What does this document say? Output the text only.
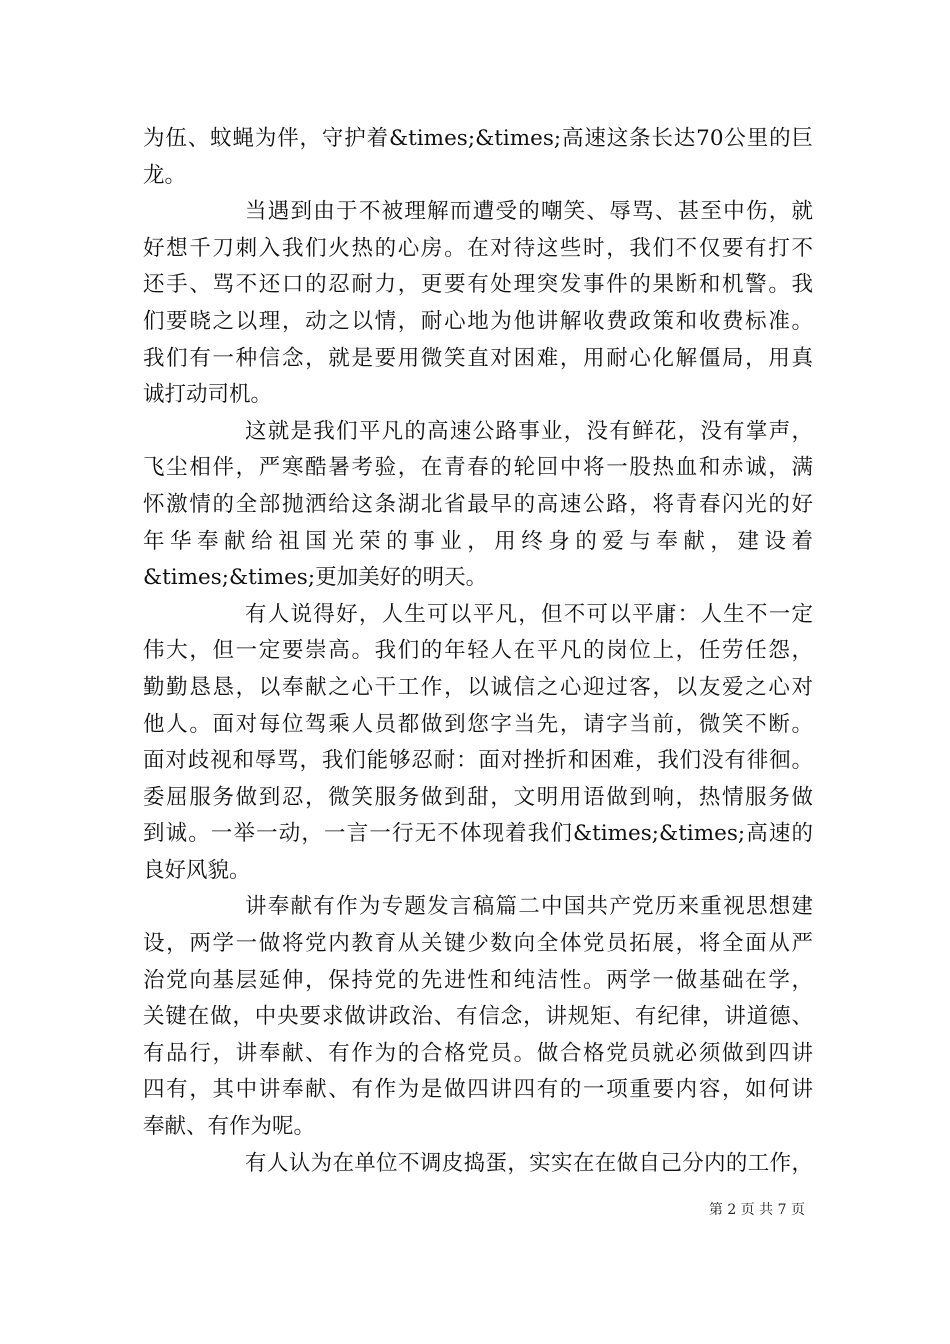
为伍、蚊蝇为伴，守护着&times;&times;高速这条长达70公里的巨
龙。
当遇到由于不被理解而遭受的嘲笑、辱骂、甚至中伤，就
好想千刀刺入我们火热的心房。在对待这些时，我们不仅要有打不
还手、骂不还口的忍耐力，更要有处理突发事件的果断和机警。我
们要晓之以理，动之以情，耐心地为他讲解收费政策和收费标准。
我们有一种信念，就是要用微笑直对困难，用耐心化解僵局，用真
诚打动司机。
这就是我们平凡的高速公路事业，没有鲜花，没有掌声，
飞尘相伴，严寒酷暑考验，在青春的轮回中将一股热血和赤诚，满
怀激情的全部抛洒给这条湖北省最早的高速公路，将青春闪光的好
年华奉献给祖国光荣的事业，用终身的爱与奉献，建设着
&times;&times;更加美好的明天。
有人说得好，人生可以平凡，但不可以平庸：人生不一定
伟大，但一定要崇高。我们的年轻人在平凡的岗位上，任劳任怨，
勤勤恳恳，以奉献之心干工作，以诚信之心迎过客，以友爱之心对
他人。面对每位驾乘人员都做到您字当先，请字当前，微笑不断。
面对歧视和辱骂，我们能够忍耐：面对挫折和困难，我们没有徘徊。
委屈服务做到忍，微笑服务做到甜，文明用语做到响，热情服务做
到诚。一举一动，一言一行无不体现着我们&times;&times;高速的
良好风貌。
讲奉献有作为专题发言稿篇二中国共产党历来重视思想建
设，两学一做将党内教育从关键少数向全体党员拓展，将全面从严
治党向基层延伸，保持党的先进性和纯洁性。两学一做基础在学，
关键在做，中央要求做讲政治、有信念，讲规矩、有纪律，讲道德、
有品行，讲奉献、有作为的合格党员。做合格党员就必须做到四讲
四有，其中讲奉献、有作为是做四讲四有的一项重要内容，如何讲
奉献、有作为呢。
有人认为在单位不调皮捣蛋，实实在在做自己分内的工作，
第 2 页 共 7 页
